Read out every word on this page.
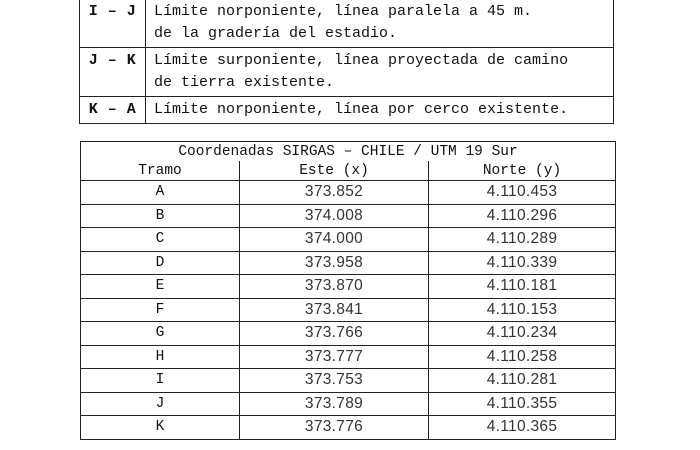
I – J	Límite norponiente, línea paralela a 45 m.
de la gradería del estadio.

J – K	Límite surponiente, línea proyectada de camino
de tierra existente.

K – A	Límite norponiente, línea por cerco existente.
Coordenadas SIRGAS – CHILE / UTM 19 Sur		
Tramo	Este (x)	Norte (y)
A	373.852	4.110.453
B	374.008	4.110.296
C	374.000	4.110.289
D	373.958	4.110.339
E	373.870	4.110.181
F	373.841	4.110.153
G	373.766	4.110.234
H	373.777	4.110.258
I	373.753	4.110.281
J	373.789	4.110.355
K	373.776	4.110.365
